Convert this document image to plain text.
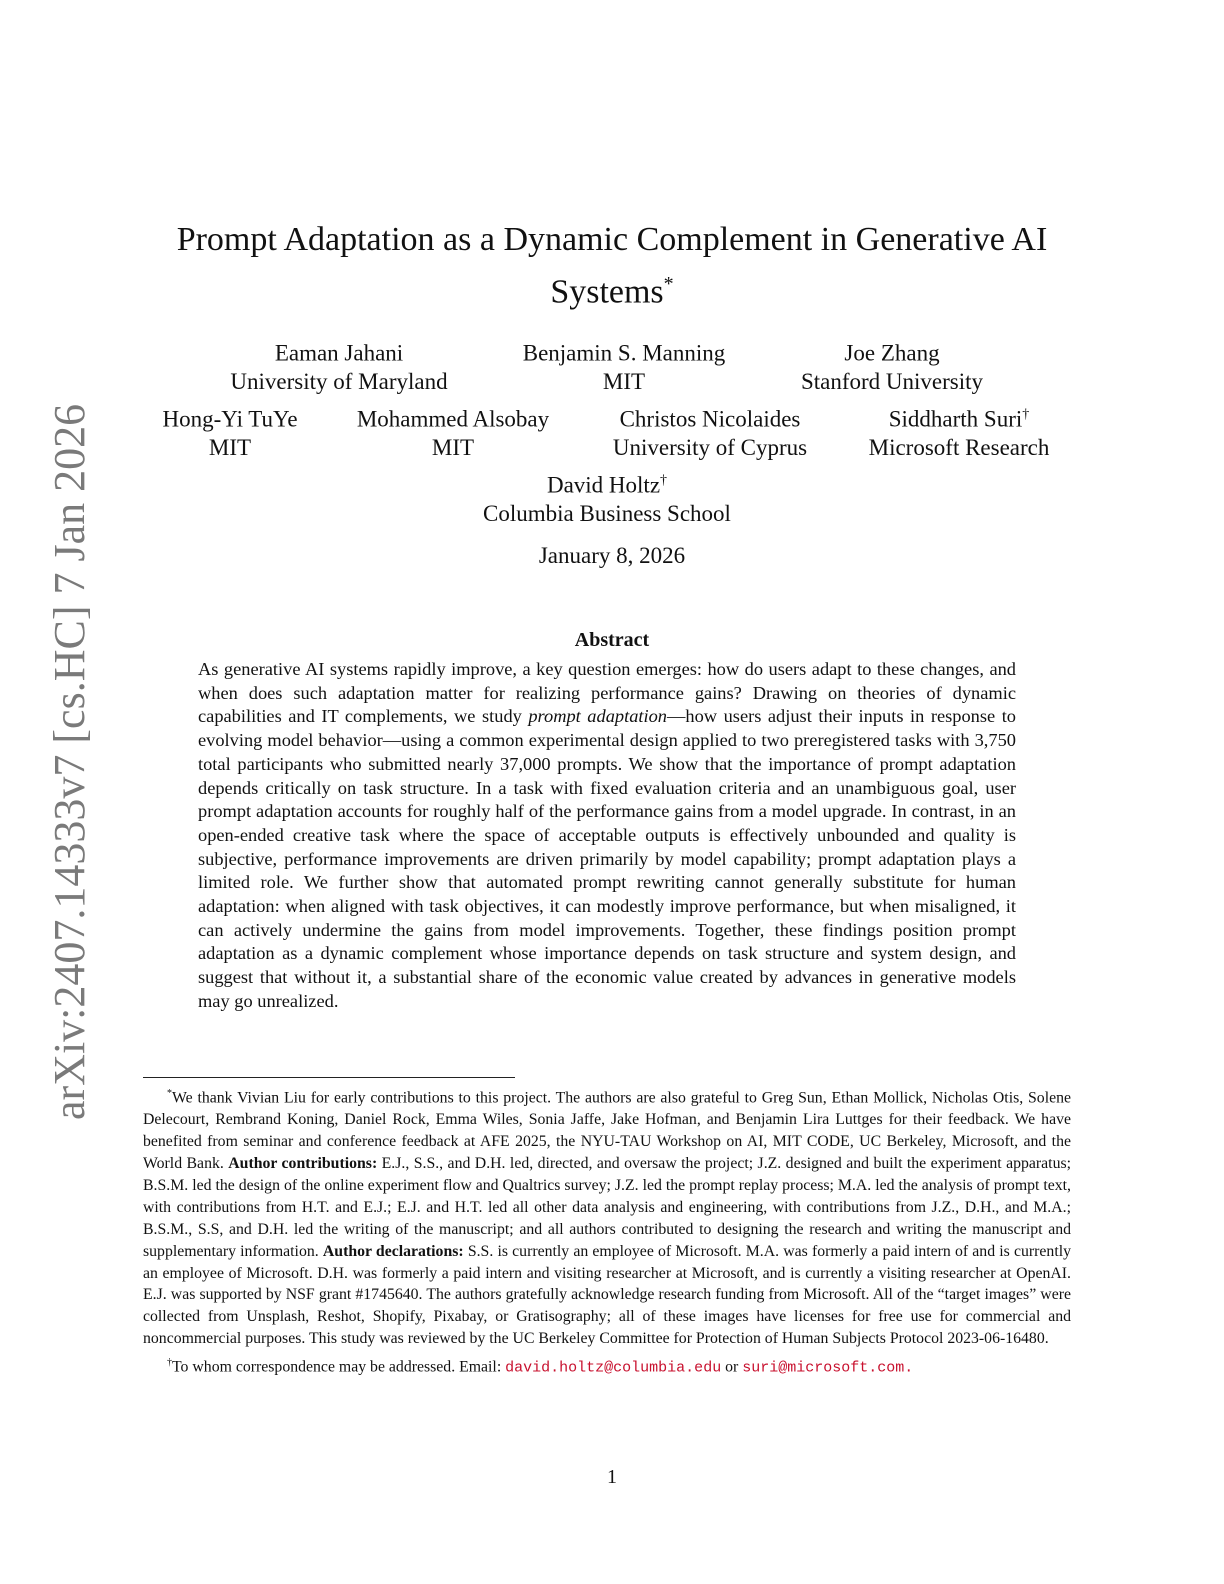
arXiv:2407.14333v7 [cs.HC] 7 Jan 2026
Prompt Adaptation as a Dynamic Complement in Generative AI Systems*
Eaman Jahani
University of Maryland
Benjamin S. Manning
MIT
Joe Zhang
Stanford University
Hong-Yi TuYe
MIT
Mohammed Alsobay
MIT
Christos Nicolaides
University of Cyprus
Siddharth Suri†
Microsoft Research
David Holtz†
Columbia Business School
January 8, 2026
Abstract

As generative AI systems rapidly improve, a key question emerges: how do users adapt to these changes, and when does such adaptation matter for realizing performance gains? Drawing on theories of dynamic capabilities and IT complements, we study prompt adaptation—how users adjust their inputs in response to evolving model behavior—using a common experimental design applied to two preregistered tasks with 3,750 total participants who submitted nearly 37,000 prompts. We show that the importance of prompt adaptation depends critically on task structure. In a task with fixed evaluation criteria and an unambiguous goal, user prompt adaptation accounts for roughly half of the performance gains from a model upgrade. In contrast, in an open-ended creative task where the space of acceptable outputs is effectively unbounded and quality is subjective, performance improvements are driven primarily by model capability; prompt adaptation plays a limited role. We further show that automated prompt rewriting cannot generally substitute for human adaptation: when aligned with task objectives, it can modestly improve performance, but when misaligned, it can actively undermine the gains from model improvements. Together, these findings position prompt adaptation as a dynamic complement whose importance depends on task structure and system design, and suggest that without it, a substantial share of the economic value created by advances in generative models may go unrealized.

*We thank Vivian Liu for early contributions to this project. The authors are also grateful to Greg Sun, Ethan Mollick, Nicholas Otis, Solene Delecourt, Rembrand Koning, Daniel Rock, Emma Wiles, Sonia Jaffe, Jake Hofman, and Benjamin Lira Luttges for their feedback. We have benefited from seminar and conference feedback at AFE 2025, the NYU-TAU Workshop on AI, MIT CODE, UC Berkeley, Microsoft, and the World Bank. Author contributions: E.J., S.S., and D.H. led, directed, and oversaw the project; J.Z. designed and built the experiment apparatus; B.S.M. led the design of the online experiment flow and Qualtrics survey; J.Z. led the prompt replay process; M.A. led the analysis of prompt text, with contributions from H.T. and E.J.; E.J. and H.T. led all other data analysis and engineering, with contributions from J.Z., D.H., and M.A.; B.S.M., S.S, and D.H. led the writing of the manuscript; and all authors contributed to designing the research and writing the manuscript and supplementary information. Author declarations: S.S. is currently an employee of Microsoft. M.A. was formerly a paid intern of and is currently an employee of Microsoft. D.H. was formerly a paid intern and visiting researcher at Microsoft, and is currently a visiting researcher at OpenAI. E.J. was supported by NSF grant #1745640. The authors gratefully acknowledge research funding from Microsoft. All of the “target images” were collected from Unsplash, Reshot, Shopify, Pixabay, or Gratisography; all of these images have licenses for free use for commercial and noncommercial purposes. This study was reviewed by the UC Berkeley Committee for Protection of Human Subjects Protocol 2023-06-16480.

†To whom correspondence may be addressed. Email: david.holtz@columbia.edu or suri@microsoft.com.

1
